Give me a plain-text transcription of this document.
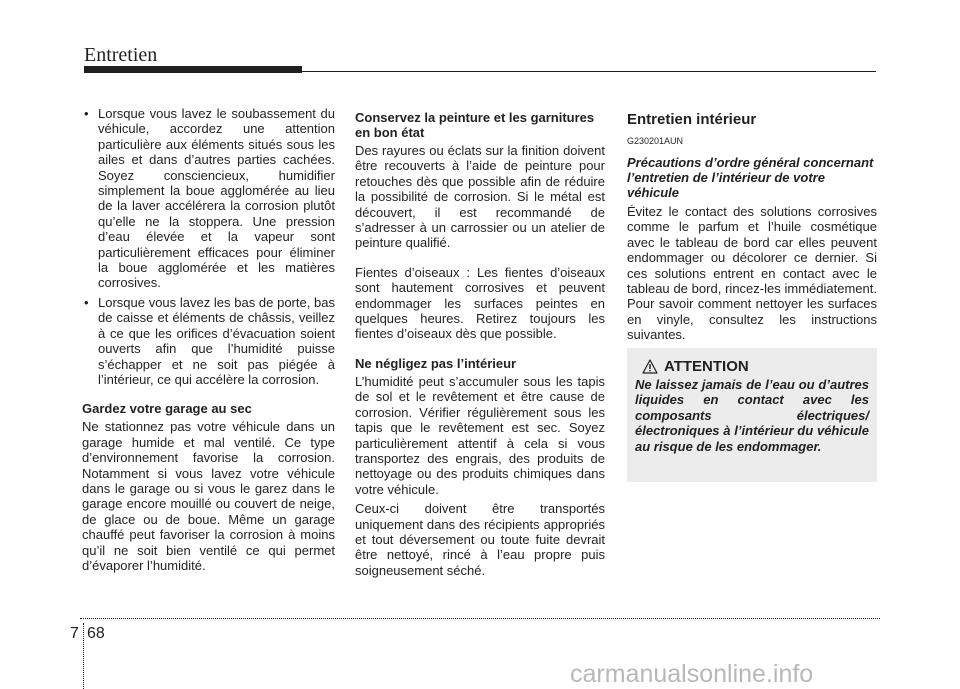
Entretien
• Lorsque vous lavez le soubassement du véhicule, accordez une attention particulière aux éléments situés sous les ailes et dans d’autres parties cachées. Soyez consciencieux, humidifier simplement la boue agglomérée au lieu de la laver accélérera la corrosion plutôt qu’elle ne la stoppera. Une pression d’eau élevée et la vapeur sont particulièrement efficaces pour éliminer la boue agglomérée et les matières corrosives.
• Lorsque vous lavez les bas de porte, bas de caisse et éléments de châssis, veillez à ce que les orifices d’évacuation soient ouverts afin que l’humidité puisse s’échapper et ne soit pas piégée à l’intérieur, ce qui accélère la corrosion.
Gardez votre garage au sec

Ne stationnez pas votre véhicule dans un garage humide et mal ventilé. Ce type d’environnement favorise la corrosion. Notamment si vous lavez votre véhicule dans le garage ou si vous le garez dans le garage encore mouillé ou couvert de neige, de glace ou de boue. Même un garage chauffé peut favoriser la corrosion à moins qu’il ne soit bien ventilé ce qui permet d’évaporer l’humidité.

Conservez la peinture et les garnitures en bon état

Des rayures ou éclats sur la finition doivent être recouverts à l’aide de peinture pour retouches dès que possible afin de réduire la possibilité de corrosion. Si le métal est découvert, il est recommandé de s’adresser à un carrossier ou un atelier de peinture qualifié.

Fientes d’oiseaux : Les fientes d’oiseaux sont hautement corrosives et peuvent endommager les surfaces peintes en quelques heures. Retirez toujours les fientes d’oiseaux dès que possible.

Ne négligez pas l’intérieur

L’humidité peut s’accumuler sous les tapis de sol et le revêtement et être cause de corrosion. Vérifier régulièrement sous les tapis que le revêtement est sec. Soyez particulièrement attentif à cela si vous transportez des engrais, des produits de nettoyage ou des produits chimiques dans votre véhicule.

Ceux-ci doivent être transportés uniquement dans des récipients appropriés et tout déversement ou toute fuite devrait être nettoyé, rincé à l’eau propre puis soigneusement séché.

Entretien intérieur
G230201AUN
Précautions d’ordre général concernant l’entretien de l’intérieur de votre véhicule

Évitez le contact des solutions corrosives comme le parfum et l’huile cosmétique avec le tableau de bord car elles peuvent endommager ou décolorer ce dernier. Si ces solutions entrent en contact avec le tableau de bord, rincez-les immédiatement. Pour savoir comment nettoyer les surfaces en vinyle, consultez les instructions suivantes.

ATTENTION
Ne laissez jamais de l’eau ou d’autres liquides en contact avec les composants électriques/électroniques à l’intérieur du véhicule au risque de les endommager.
7 68
carmanualsonline.info
